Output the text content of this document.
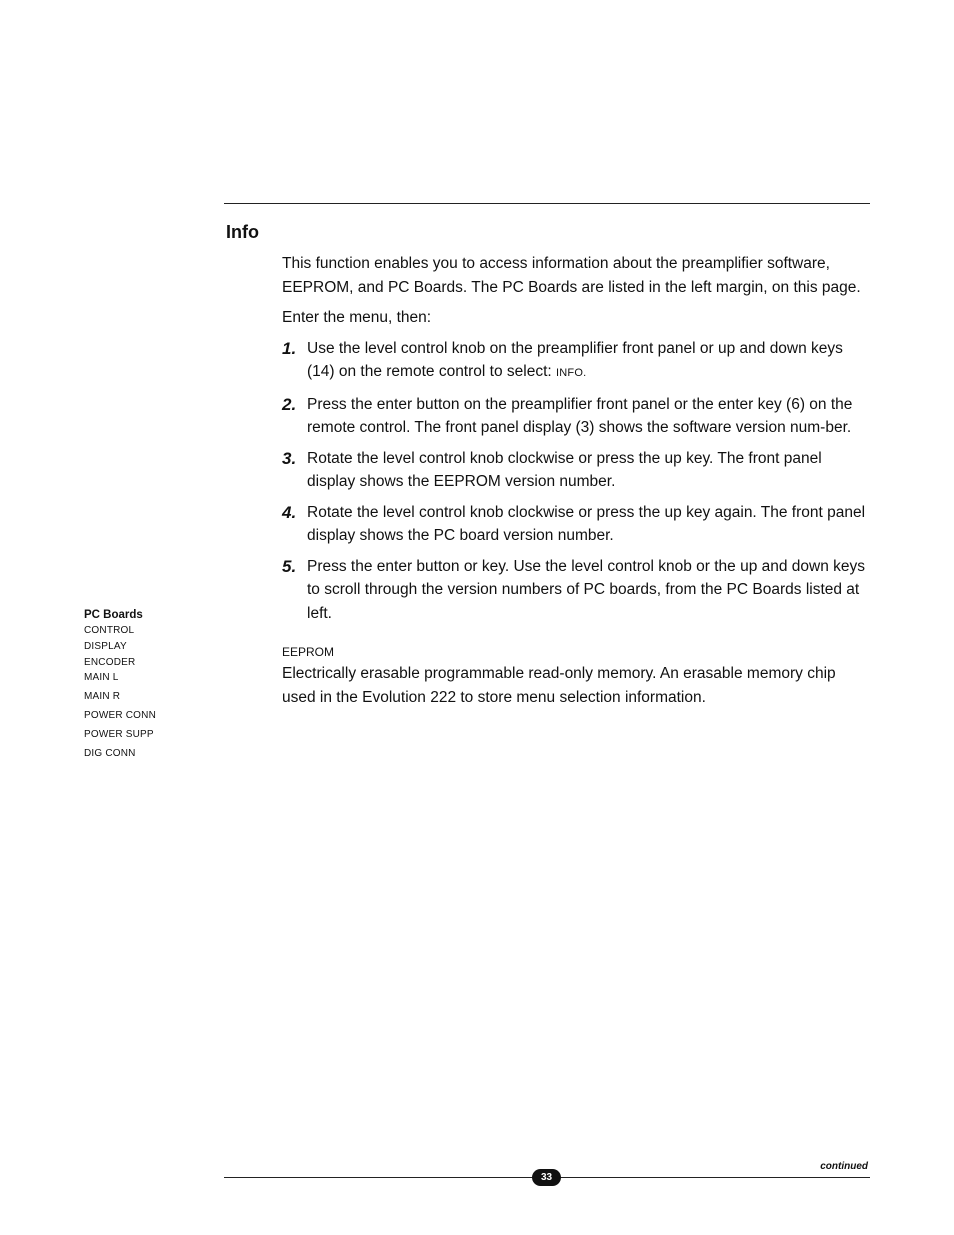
Info

This function enables you to access information about the preamplifier software, EEPROM, and PC Boards. The PC Boards are listed in the left margin, on this page.

Enter the menu, then:

1. Use the level control knob on the preamplifier front panel or up and down keys (14) on the remote control to select: INFO.
2. Press the enter button on the preamplifier front panel or the enter key (6) on the remote control. The front panel display (3) shows the software version num-ber.
3. Rotate the level control knob clockwise or press the up key. The front panel display shows the EEPROM version number.
4. Rotate the level control knob clockwise or press the up key again. The front panel display shows the PC board version number.
5. Press the enter button or key. Use the level control knob or the up and down keys to scroll through the version numbers of PC boards, from the PC Boards listed at left.
EEPROM

Electrically erasable programmable read-only memory. An erasable memory chip used in the Evolution 222 to store menu selection information.

PC Boards
CONTROL
DISPLAY
ENCODER
MAIN L
MAIN R
POWER CONN
POWER SUPP
DIG CONN
continued
33
